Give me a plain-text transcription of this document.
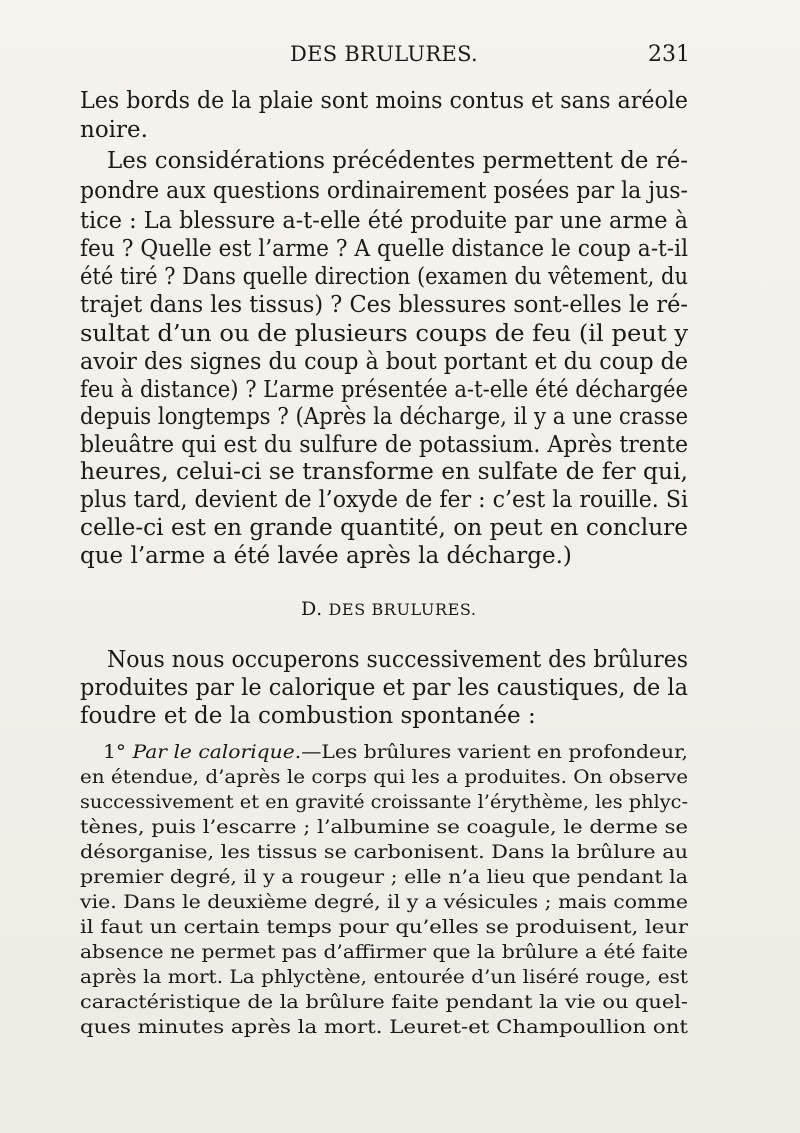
DES BRULURES.	231
Les bords de la plaie sont moins contus et sans aréole
noire.
Les considérations précédentes permettent de ré-
pondre aux questions ordinairement posées par la jus-
tice : La blessure a-t-elle été produite par une arme à
feu ? Quelle est l’arme ? A quelle distance le coup a-t-il
été tiré ? Dans quelle direction (examen du vêtement, du
trajet dans les tissus) ? Ces blessures sont-elles le ré-
sultat d’un ou de plusieurs coups de feu (il peut y
avoir des signes du coup à bout portant et du coup de
feu à distance) ? L’arme présentée a-t-elle été déchargée
depuis longtemps ? (Après la décharge, il y a une crasse
bleuâtre qui est du sulfure de potassium. Après trente
heures, celui-ci se transforme en sulfate de fer qui,
plus tard, devient de l’oxyde de fer : c’est la rouille. Si
celle-ci est en grande quantité, on peut en conclure
que l’arme a été lavée après la décharge.)
D. DES BRULURES.
Nous nous occuperons successivement des brûlures
produites par le calorique et par les caustiques, de la
foudre et de la combustion spontanée :
1° Par le calorique.—Les brûlures varient en profondeur,
en étendue, d’après le corps qui les a produites. On observe
successivement et en gravité croissante l’érythème, les phlyc-
tènes, puis l’escarre ; l’albumine se coagule, le derme se
désorganise, les tissus se carbonisent. Dans la brûlure au
premier degré, il y a rougeur ; elle n’a lieu que pendant la
vie. Dans le deuxième degré, il y a vésicules ; mais comme
il faut un certain temps pour qu’elles se produisent, leur
absence ne permet pas d’affirmer que la brûlure a été faite
après la mort. La phlyctène, entourée d’un liséré rouge, est
caractéristique de la brûlure faite pendant la vie ou quel-
ques minutes après la mort. Leuret-et Champoullion ont
